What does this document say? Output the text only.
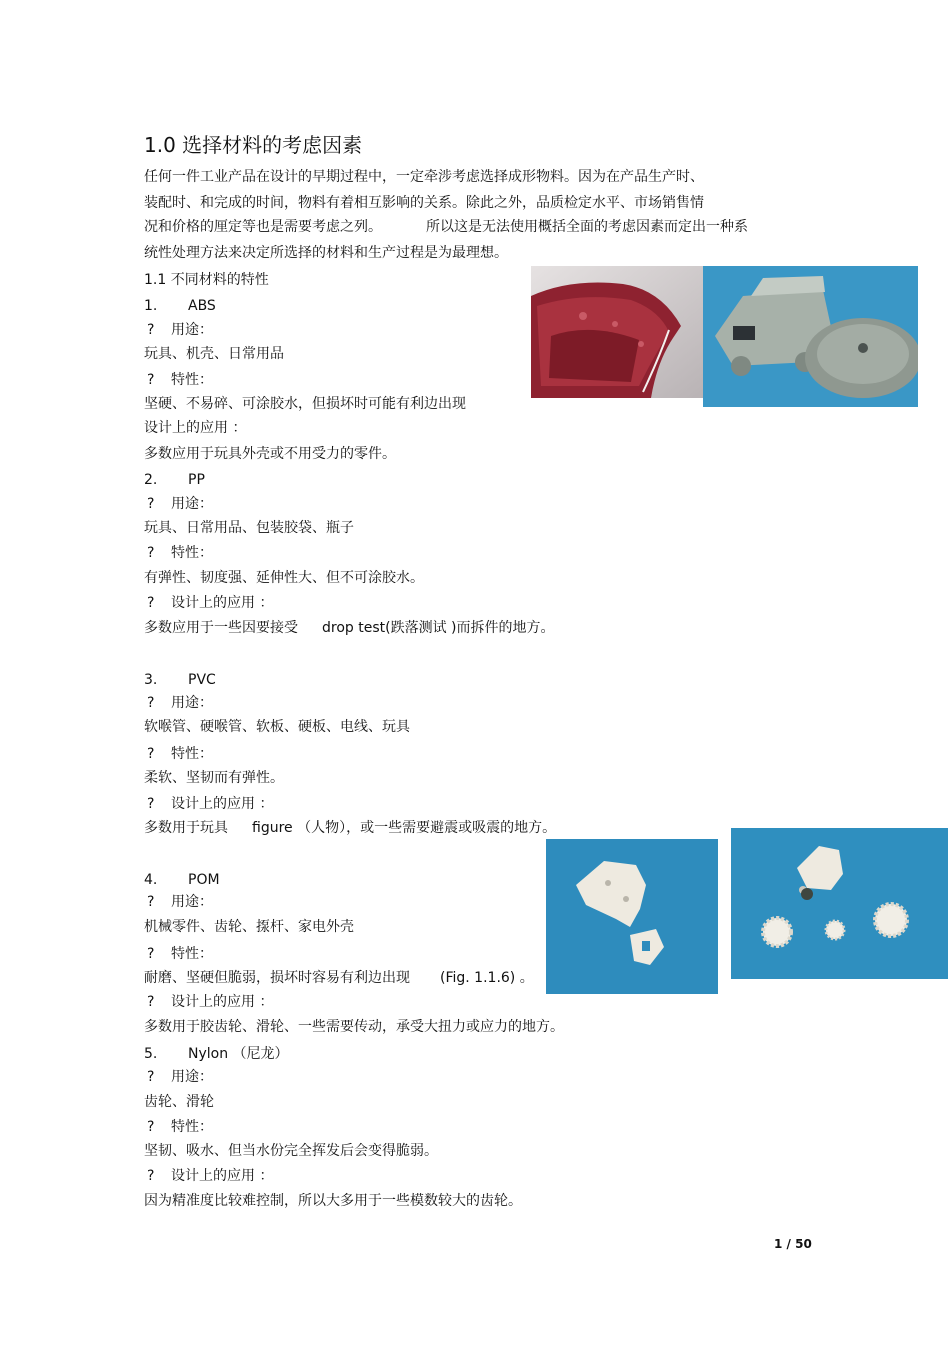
1.0 选择材料的考虑因素
任何一件工业产品在设计的早期过程中，一定牵涉考虑选择成形物料。因为在产品生产时、
装配时、和完成的时间，物料有着相互影响的关系。除此之外，品质检定水平、市场销售情
况和价格的厘定等也是需要考虑之列。	所以这是无法使用概括全面的考虑因素而定出一种系
统性处理方法来决定所选择的材料和生产过程是为最理想。
1.1 不同材料的特性
1. ABS
? 用途：
玩具、机壳、日常用品
? 特性：
坚硬、不易碎、可涂胶水，但损坏时可能有利边出现
设计上的应用 ：
多数应用于玩具外壳或不用受力的零件。
2. PP
? 用途：
玩具、日常用品、包装胶袋、瓶子
? 特性：
有弹性、韧度强、延伸性大、但不可涂胶水。
? 设计上的应用 ：
多数应用于一些因要接受 drop test(跌落测试 )而拆件的地方。
3. PVC
? 用途：
软喉管、硬喉管、软板、硬板、电线、玩具
? 特性：
柔软、坚韧而有弹性。
? 设计上的应用 ：
多数用于玩具 figure （人物），或一些需要避震或吸震的地方。
4. POM
? 用途：
机械零件、齿轮、揼杆、家电外壳
? 特性：
耐磨、坚硬但脆弱，损坏时容易有利边出现 (Fig. 1.1.6) 。
? 设计上的应用 ：
多数用于胶齿轮、滑轮、一些需要传动，承受大扭力或应力的地方。
5. Nylon （尼龙）
? 用途：
齿轮、滑轮
? 特性：
坚韧、吸水、但当水份完全挥发后会变得脆弱。
? 设计上的应用 ：
因为精准度比较难控制，所以大多用于一些模数较大的齿轮。
1 / 50
